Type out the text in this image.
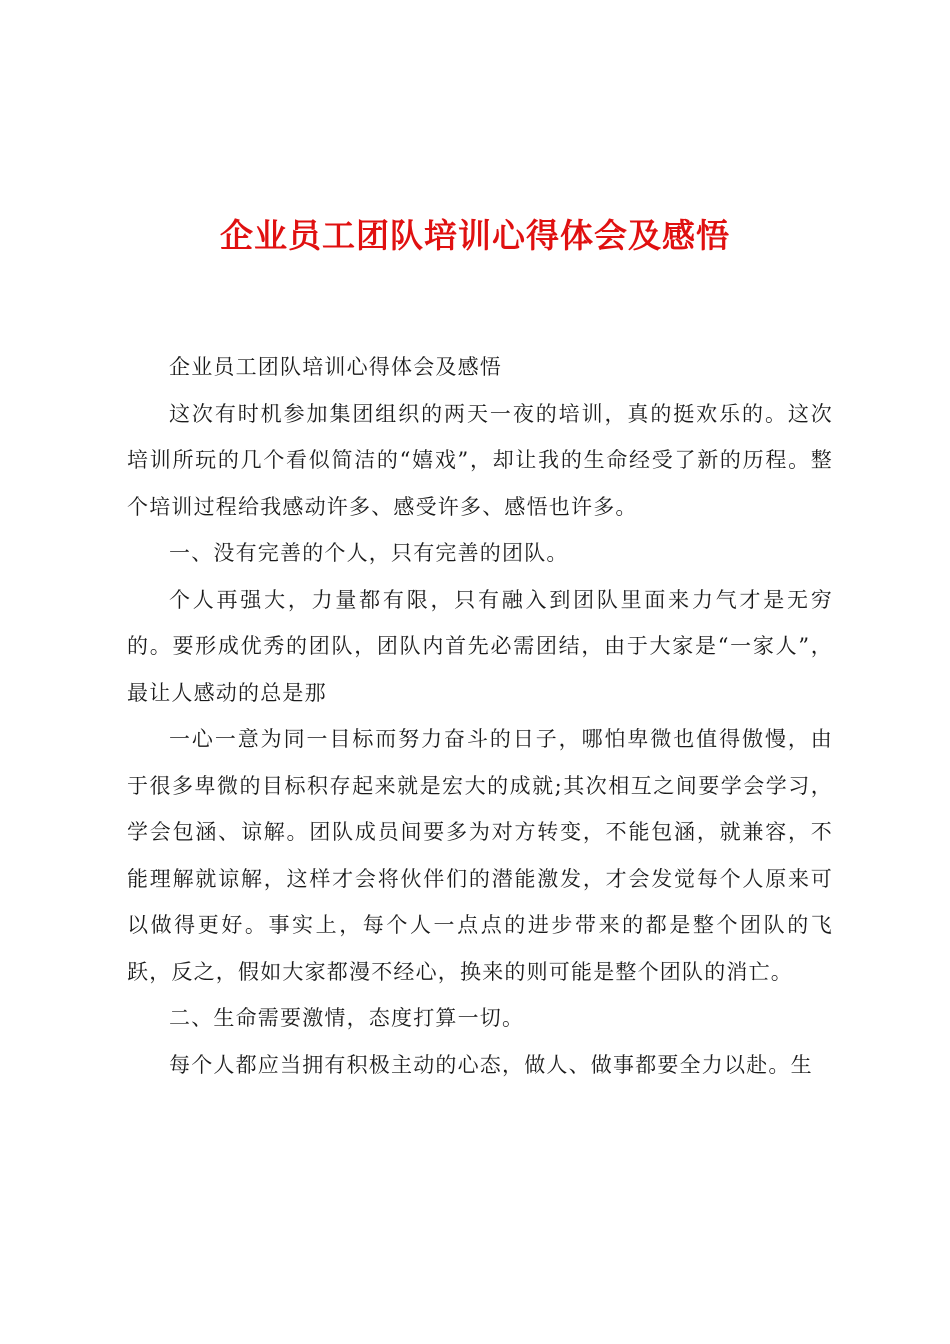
企业员工团队培训心得体会及感悟

企业员工团队培训心得体会及感悟

这次有时机参加集团组织的两天一夜的培训，真的挺欢乐的。这次培训所玩的几个看似简洁的“嬉戏”，却让我的生命经受了新的历程。整个培训过程给我感动许多、感受许多、感悟也许多。

一、没有完善的个人，只有完善的团队。

个人再强大，力量都有限，只有融入到团队里面来力气才是无穷的。要形成优秀的团队，团队内首先必需团结，由于大家是“一家人”，最让人感动的总是那

一心一意为同一目标而努力奋斗的日子，哪怕卑微也值得傲慢，由于很多卑微的目标积存起来就是宏大的成就;其次相互之间要学会学习，学会包涵、谅解。团队成员间要多为对方转变，不能包涵，就兼容，不能理解就谅解，这样才会将伙伴们的潜能激发，才会发觉每个人原来可以做得更好。事实上，每个人一点点的进步带来的都是整个团队的飞跃，反之，假如大家都漫不经心，换来的则可能是整个团队的消亡。

二、生命需要激情，态度打算一切。

每个人都应当拥有积极主动的心态，做人、做事都要全力以赴。生
